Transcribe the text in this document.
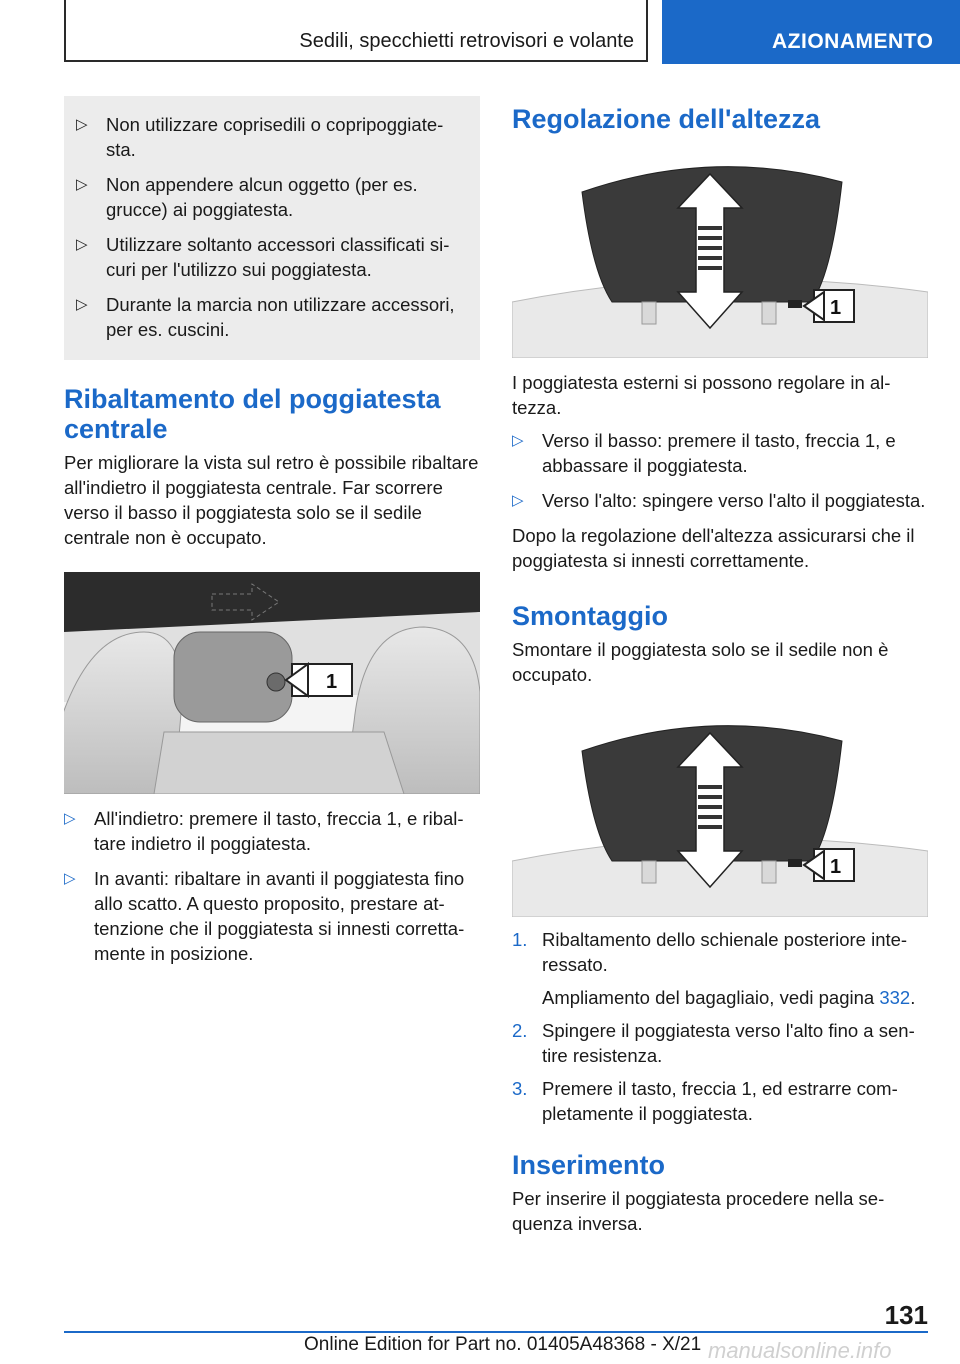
Sedili, specchietti retrovisori e volante	AZIONAMENTO
▷ Non utilizzare coprisedili o copripoggiatesta.
▷ Non appendere alcun oggetto (per es. grucce) ai poggiatesta.
▷ Utilizzare soltanto accessori classificati sicuri per l'utilizzo sui poggiatesta.
▷ Durante la marcia non utilizzare accessori, per es. cuscini.
Ribaltamento del poggiatesta centrale

Per migliorare la vista sul retro è possibile ribaltare all'indietro il poggiatesta centrale. Far scorrere verso il basso il poggiatesta solo se il sedile centrale non è occupato.

1
▷ All'indietro: premere il tasto, freccia 1, e ribaltare indietro il poggiatesta.
▷ In avanti: ribaltare in avanti il poggiatesta fino allo scatto. A questo proposito, prestare attenzione che il poggiatesta si innesti correttamente in posizione.
Regolazione dell'altezza
1

I poggiatesta esterni si possono regolare in altezza.

▷ Verso il basso: premere il tasto, freccia 1, e abbassare il poggiatesta.
▷ Verso l'alto: spingere verso l'alto il poggiatesta.

Dopo la regolazione dell'altezza assicurarsi che il poggiatesta si innesti correttamente.

Smontaggio

Smontare il poggiatesta solo se il sedile non è occupato.

1
1. Ribaltamento dello schienale posteriore interessato.
Ampliamento del bagagliaio, vedi pagina 332.
2. Spingere il poggiatesta verso l'alto fino a sentire resistenza.
3. Premere il tasto, freccia 1, ed estrarre completamente il poggiatesta.
Inserimento

Per inserire il poggiatesta procedere nella sequenza inversa.

131
Online Edition for Part no. 01405A48368 - X/21 manualsonline.info
